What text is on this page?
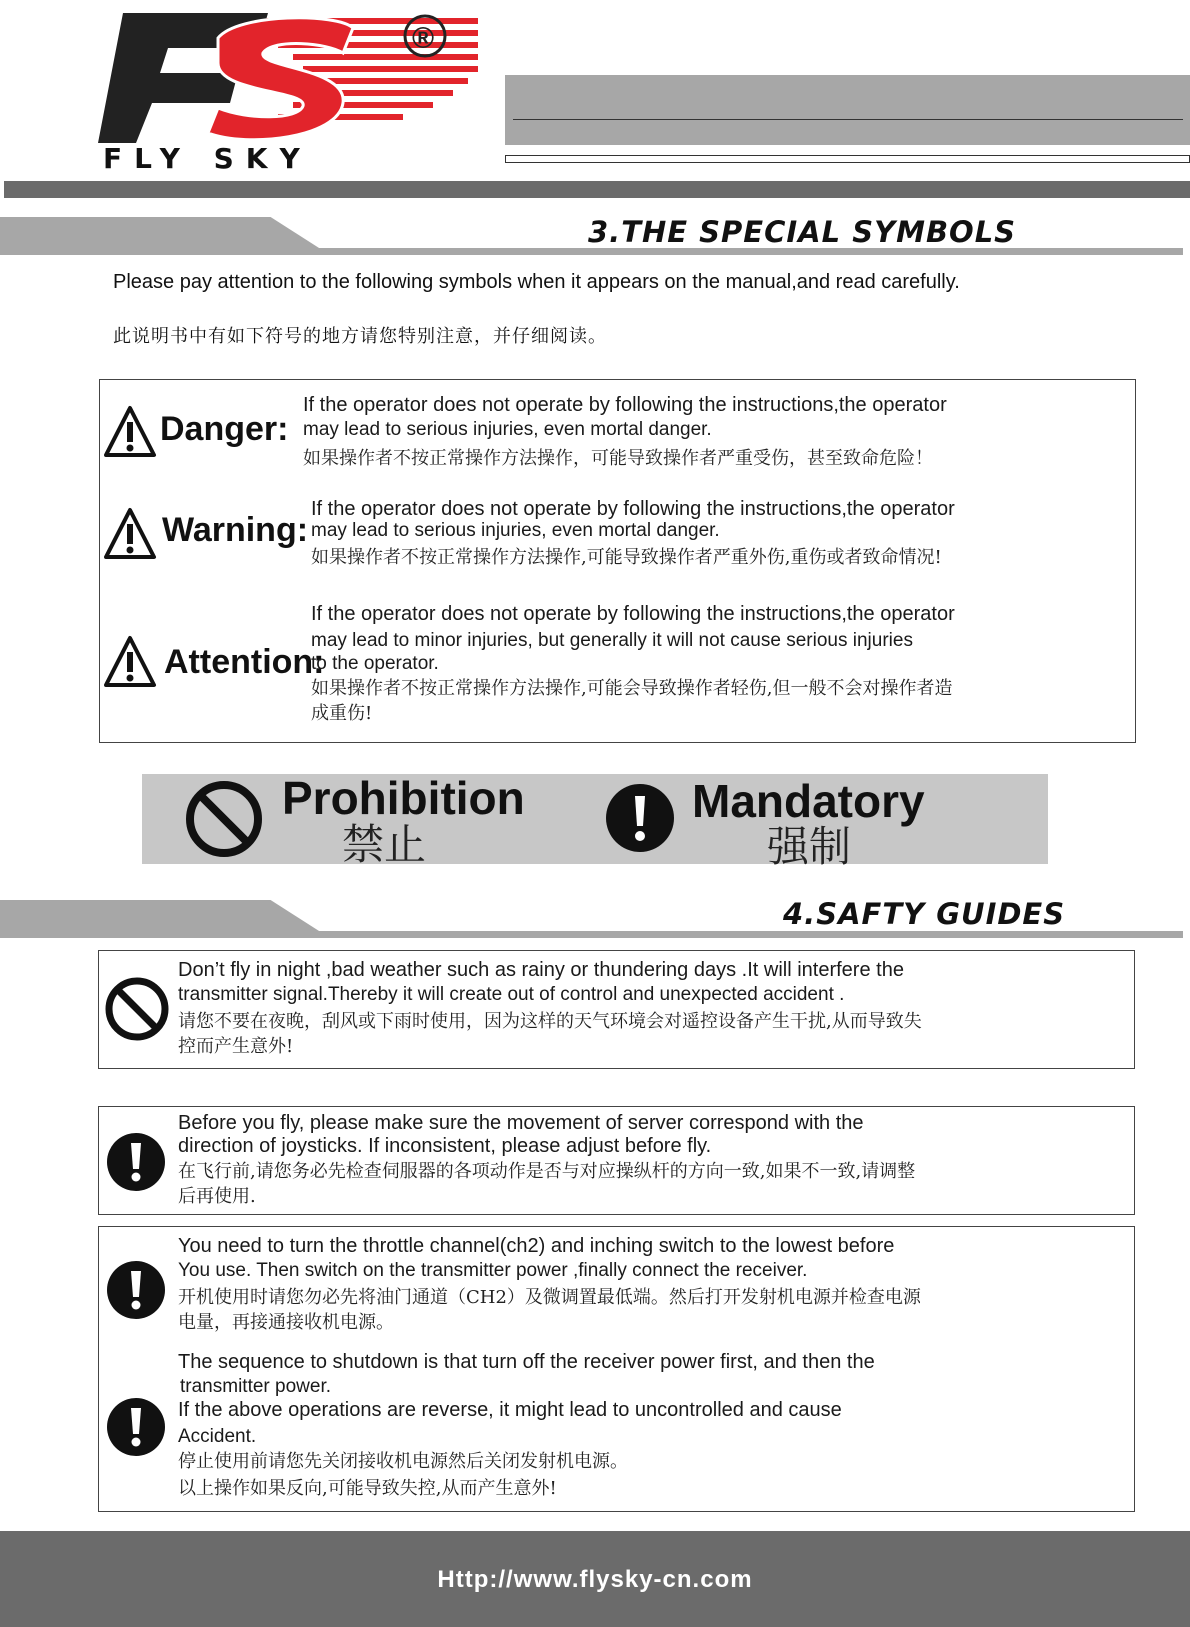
®
FLY SKY
3.THE SPECIAL SYMBOLS
Please pay attention to the following symbols when it appears on the manual,and read carefully.
此说明书中有如下符号的地方请您特别注意，并仔细阅读。
Danger:
If the operator does not operate by following the instructions,the operator
may lead to serious injuries, even mortal danger.
如果操作者不按正常操作方法操作，可能导致操作者严重受伤，甚至致命危险！
Warning:
If the operator does not operate by following the instructions,the operator
may lead to serious injuries, even mortal danger.
如果操作者不按正常操作方法操作,可能导致操作者严重外伤,重伤或者致命情况!
Attention:
If the operator does not operate by following the instructions,the operator
may lead to minor injuries, but generally it will not cause serious injuries
to the operator.
如果操作者不按正常操作方法操作,可能会导致操作者轻伤,但一般不会对操作者造
成重伤!
Prohibition
禁止
Mandatory
强制
4.SAFTY GUIDES
Don’t fly in night ,bad weather such as rainy or thundering days .It will interfere the
transmitter signal.Thereby it will create out of control and unexpected accident .
请您不要在夜晚，刮风或下雨时使用，因为这样的天气环境会对遥控设备产生干扰,从而导致失
控而产生意外!
Before you fly, please make sure the movement of server correspond with the
direction of joysticks. If inconsistent, please adjust before fly.
在飞行前,请您务必先检查伺服器的各项动作是否与对应操纵杆的方向一致,如果不一致,请调整
后再使用.
You need to turn the throttle channel(ch2) and inching switch to the lowest before
You use. Then switch on the transmitter power ,finally connect the receiver.
开机使用时请您勿必先将油门通道（CH2）及微调置最低端。然后打开发射机电源并检查电源
电量，再接通接收机电源。
The sequence to shutdown is that turn off the receiver power first, and then the
transmitter power.
If the above operations are reverse, it might lead to uncontrolled and cause
Accident.
停止使用前请您先关闭接收机电源然后关闭发射机电源。
以上操作如果反向,可能导致失控,从而产生意外!
Http://www.flysky-cn.com
